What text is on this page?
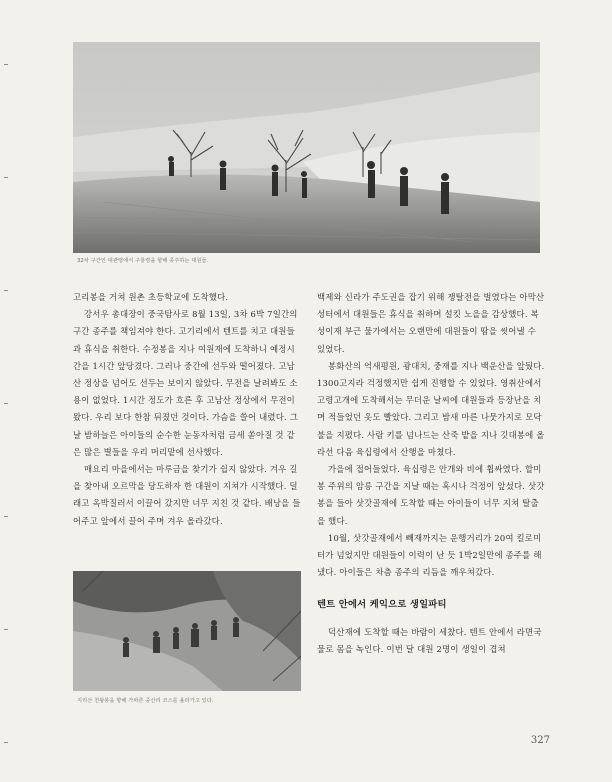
32차 구간인 대관령에서 구룡령을 향해 종주하는 대원들.

고리봉을 거쳐 원촌 초등학교에 도착했다.

강서우 총대장이 중국탐사로 8월 13일, 3차 6박 7일간의 구간 종주를 책임져야 한다. 고기리에서 텐트를 치고 대원들과 휴식을 취한다. 수정봉을 지나 여원재에 도착하니 예정시간을 1시간 앞당겼다. 그러나 중간에 선두와 떨어졌다. 고남산 정상을 넘어도 선두는 보이지 않았다. 무전을 날려봐도 소용이 없었다. 1시간 정도가 흐른 후 고남산 정상에서 무전이 왔다. 우리 보다 한참 뒤졌던 것이다. 가슴을 쓸어 내렸다. 그날 밤하늘은 아이들의 순수한 눈동자처럼 금세 쏟아질 것 같은 많은 별들을 우리 머리맡에 선사했다.

매요리 마을에서는 마루금을 찾기가 쉽지 않았다. 겨우 길을 찾아내 오르막을 당도하자 한 대원이 지쳐가 시작했다. 덜래고 옥박질러서 이끌어 갔지만 너무 지친 것 같다. 배낭을 들어주고 앞에서 끌어 주며 겨우 올라갔다.

지리산 천왕봉을 향해 가파른 중산리 코스를 올라가고 있다.

백제와 신라가 주도권을 잡기 위해 쟁탈전을 벌였다는 아막산성터에서 대원들은 휴식을 취하며 설킷 노을을 감상했다. 복성이재 부근 물가에서는 오랜만에 대원들이 땀을 씻어낼 수 있었다.

봉화산의 억새평원, 광대치, 중재를 지나 백운산을 앞뒀다. 1300고지라 걱정했지만 쉽게 진행할 수 있었다. 영취산에서 고령고개에 도착해서는 무더운 날씨에 대원들과 등장난을 치며 적들었던 옷도 빨았다. 그리고 밤새 마른 나뭇가지로 모닥불을 지폈다. 사람 키를 넘나드는 산죽 밭을 지나 깃대봉에 올라선 다음 육십령에서 산행을 마쳤다.

가을에 접어들었다. 육십령은 안개와 비에 휩싸였다. 할미봉 주위의 암릉 구간을 지날 때는 혹시나 걱정이 앞섰다. 삿갓봉을 들아 삿갓골재에 도착할 때는 아이들이 너무 지쳐 탈출을 했다.

10월, 삿갓골재에서 빼재까지는 운행거리가 20여 킬로미터가 넘었지만 대원들이 이력이 난 듯 1박2일만에 종주를 해냈다. 아이들은 차츰 종주의 리듬을 깨우쳐갔다.

텐트 안에서 케익으로 생일파티

덕산재에 도착할 때는 바람이 세찼다. 텐트 안에서 라면국물로 몸을 녹인다. 이번 달 대원 2명이 생일이 겹쳐

327
